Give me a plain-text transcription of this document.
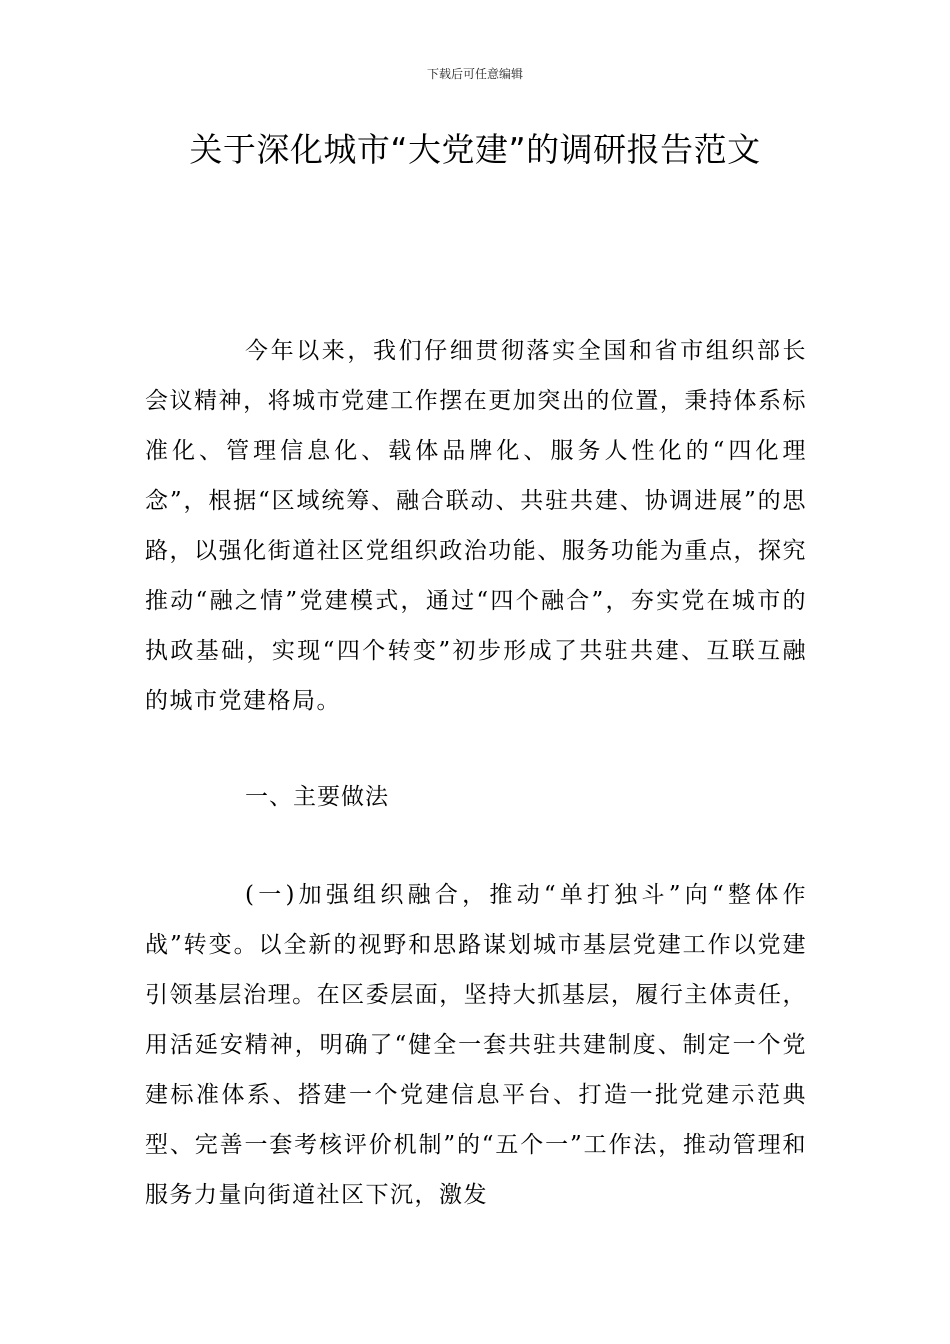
下载后可任意编辑
关于深化城市“大党建”的调研报告范文

今年以来，我们仔细贯彻落实全国和省市组织部长会议精神，将城市党建工作摆在更加突出的位置，秉持体系标准化、管理信息化、载体品牌化、服务人性化的“四化理念”，根据“区域统筹、融合联动、共驻共建、协调进展”的思路，以强化街道社区党组织政治功能、服务功能为重点，探究推动“融之情”党建模式，通过“四个融合”，夯实党在城市的执政基础，实现“四个转变”初步形成了共驻共建、互联互融的城市党建格局。

一、主要做法

(一)加强组织融合，推动“单打独斗”向“整体作战”转变。以全新的视野和思路谋划城市基层党建工作以党建引领基层治理。在区委层面，坚持大抓基层，履行主体责任，用活延安精神，明确了“健全一套共驻共建制度、制定一个党建标准体系、搭建一个党建信息平台、打造一批党建示范典型、完善一套考核评价机制”的“五个一”工作法，推动管理和服务力量向街道社区下沉，激发
